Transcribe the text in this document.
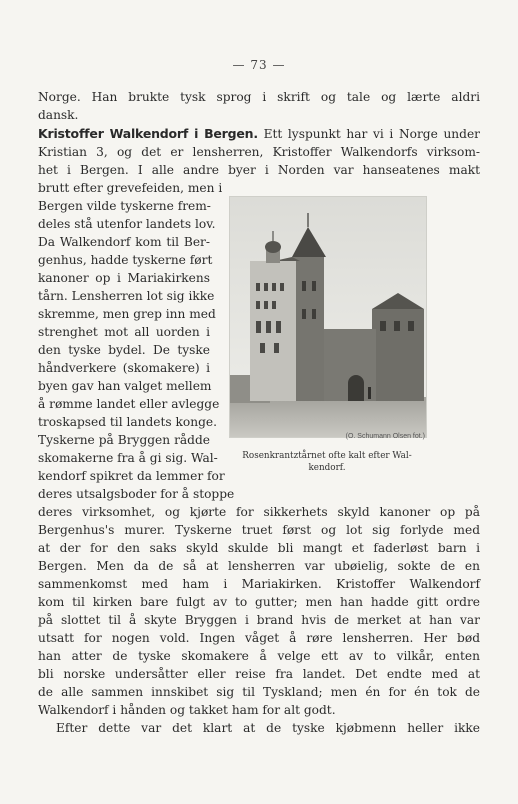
— 73 —
Norge. Han brukte tysk sprog i skrift og tale og lærte aldri
dansk.
Kristoffer Walkendorf i Bergen. Ett lyspunkt har vi i Norge under
Kristian 3, og det er lensherren, Kristoffer Walkendorfs virksom-
het i Bergen. I alle andre byer i Norden var hanseatenes makt
brutt efter grevefeiden, men i
Bergen vilde tyskerne frem-
deles stå utenfor landets lov.
Da Walkendorf kom til Ber-
genhus, hadde tyskerne ført
kanoner op i Mariakirkens
tårn. Lensherren lot sig ikke
skremme, men grep inn med
strenghet mot all uorden i
den tyske bydel. De tyske
håndverkere (skomakere) i
byen gav han valget mellem
å rømme landet eller avlegge
troskapsed til landets konge.
Tyskerne på Bryggen rådde
skomakerne fra å gi sig. Wal-
kendorf spikret da lemmer for
deres utsalgsboder for å stoppe
(O. Schumann Olsen fot.)
Rosenkrantztårnet ofte kalt efter Wal-
kendorf.
deres virksomhet, og kjørte for sikkerhets skyld kanoner op på
Bergenhus's murer. Tyskerne truet først og lot sig forlyde med
at der for den saks skyld skulde bli mangt et faderløst barn i
Bergen. Men da de så at lensherren var ubøielig, sokte de en
sammenkomst med ham i Mariakirken. Kristoffer Walkendorf
kom til kirken bare fulgt av to gutter; men han hadde gitt ordre
på slottet til å skyte Bryggen i brand hvis de merket at han var
utsatt for nogen vold. Ingen våget å røre lensherren. Her bød
han atter de tyske skomakere å velge ett av to vilkår, enten
bli norske undersåtter eller reise fra landet. Det endte med at
de alle sammen innskibet sig til Tyskland; men én for én tok de
Walkendorf i hånden og takket ham for alt godt.
Efter dette var det klart at de tyske kjøbmenn heller ikke
